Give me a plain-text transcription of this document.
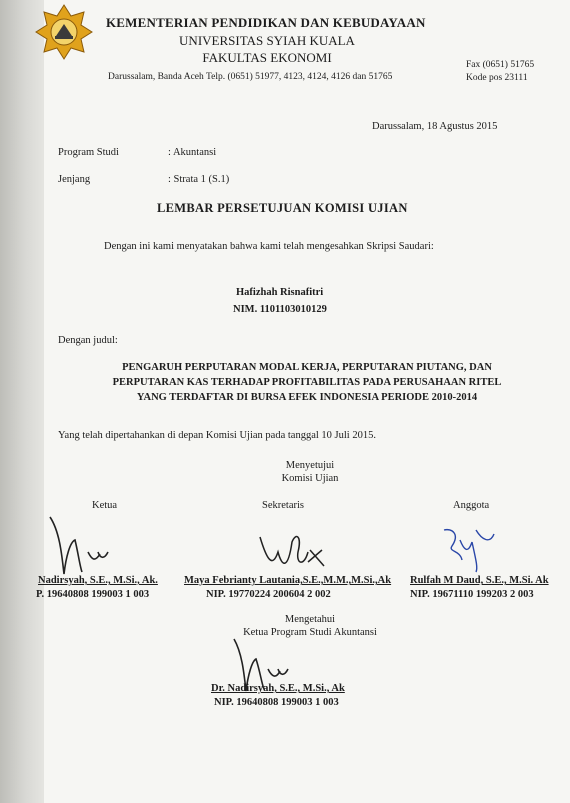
KEMENTERIAN PENDIDIKAN DAN KEBUDAYAAN
UNIVERSITAS SYIAH KUALA
FAKULTAS EKONOMI
Darussalam, Banda Aceh Telp. (0651) 51977, 4123, 4124, 4126 dan 51765
Fax (0651) 51765
Kode pos 23111

Darussalam, 18 Agustus 2015
Program Studi	: Akuntansi
Jenjang	: Strata 1 (S.1)
LEMBAR PERSETUJUAN KOMISI UJIAN
Dengan ini kami menyatakan bahwa kami telah mengesahkan Skripsi Saudari:
Hafizhah Risnafitri
NIM. 1101103010129
Dengan judul:
PENGARUH PERPUTARAN MODAL KERJA, PERPUTARAN PIUTANG, DAN
PERPUTARAN KAS TERHADAP PROFITABILITAS PADA PERUSAHAAN RITEL
YANG TERDAFTAR DI BURSA EFEK INDONESIA PERIODE 2010-2014
Yang telah dipertahankan di depan Komisi Ujian pada tanggal 10 Juli 2015.
Menyetujui
Komisi Ujian
Ketua	Sekretaris	Anggota
Nadirsyah, S.E., M.Si., Ak.
P. 19640808 199003 1 003
Maya Febrianty Lautania,S.E.,M.M.,M.Si.,Ak
NIP. 19770224 200604 2 002
Rulfah M Daud, S.E., M.Si. Ak
NIP. 19671110 199203 2 003
Mengetahui
Ketua Program Studi Akuntansi
Dr. Nadirsyah, S.E., M.Si., Ak
NIP. 19640808 199003 1 003
